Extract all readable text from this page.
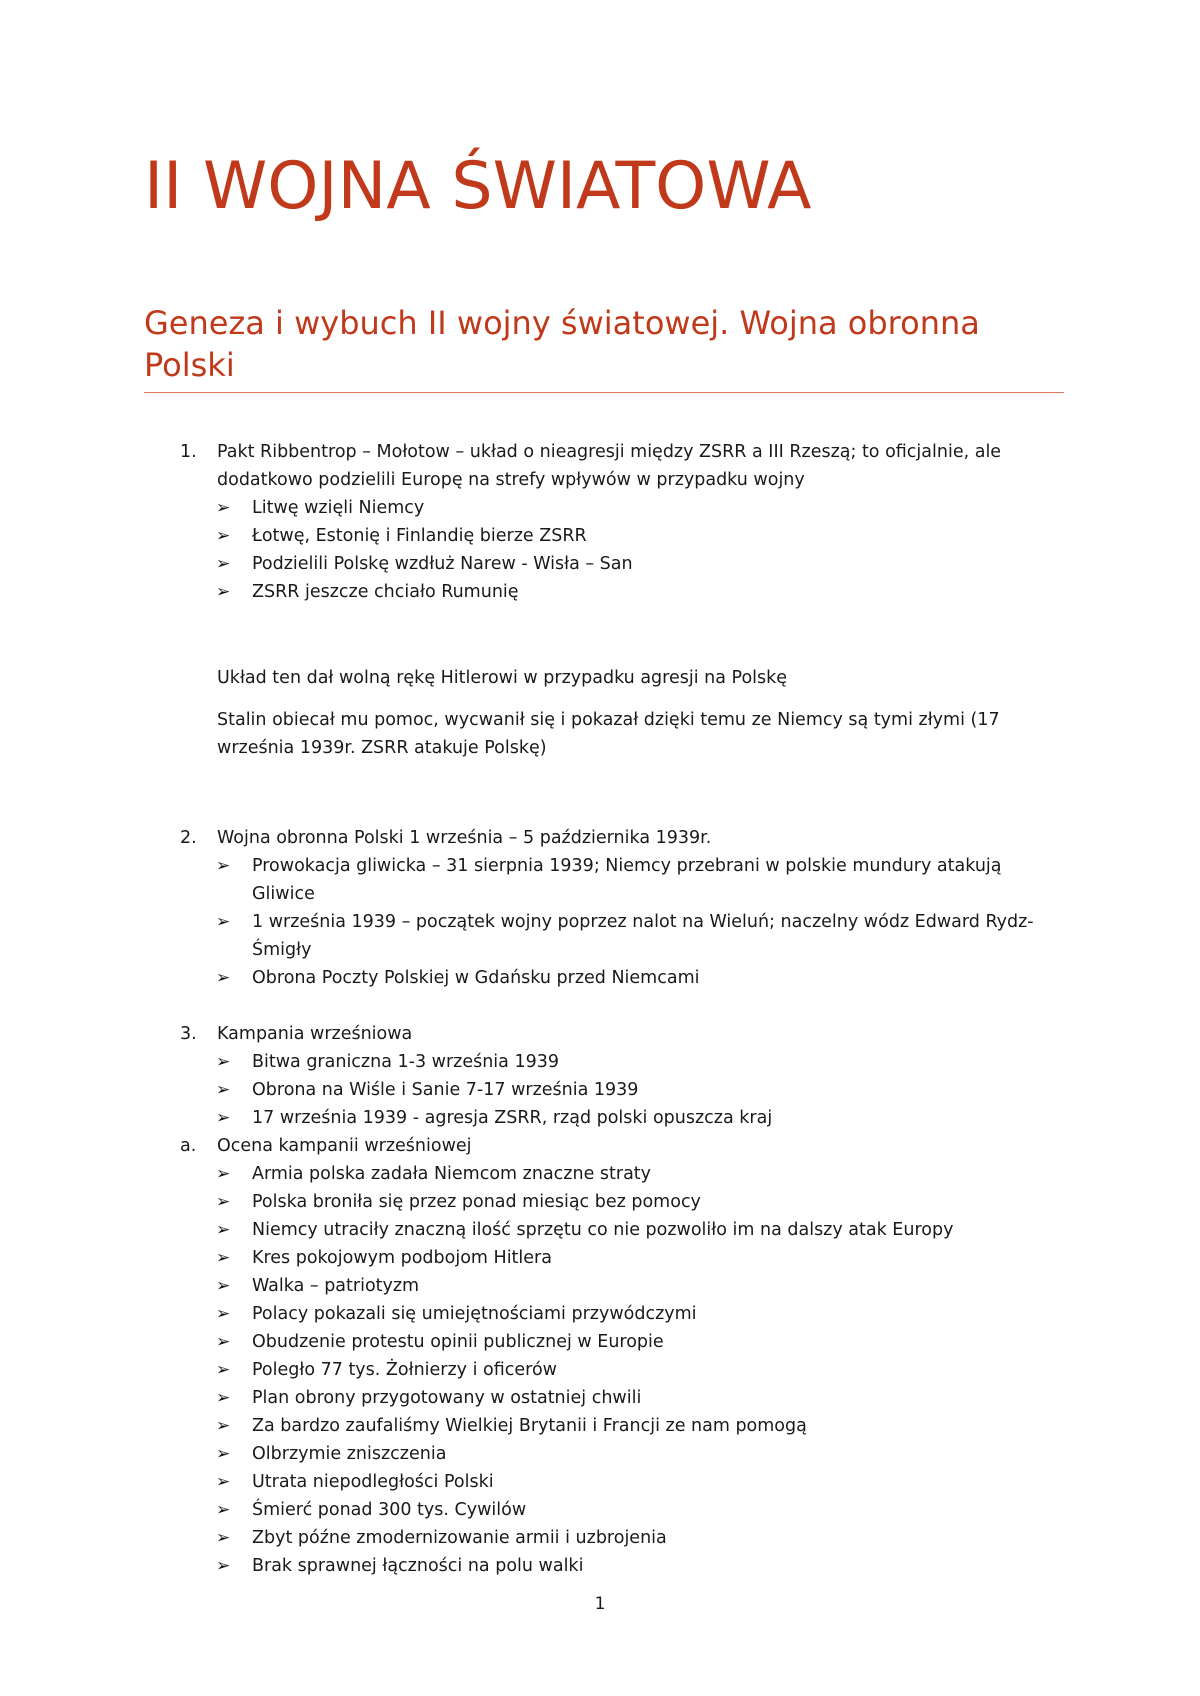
II WOJNA ŚWIATOWA
Geneza i wybuch II wojny światowej. Wojna obronna Polski
1. Pakt Ribbentrop – Mołotow – układ o nieagresji między ZSRR a III Rzeszą; to oficjalnie, ale dodatkowo podzielili Europę na strefy wpływów w przypadku wojny
➢ Litwę wzięli Niemcy
➢ Łotwę, Estonię i Finlandię bierze ZSRR
➢ Podzielili Polskę wzdłuż Narew - Wisła – San
➢ ZSRR jeszcze chciało Rumunię
Układ ten dał wolną rękę Hitlerowi w przypadku agresji na Polskę
Stalin obiecał mu pomoc, wycwanił się i pokazał dzięki temu ze Niemcy są tymi złymi (17 września 1939r. ZSRR atakuje Polskę)
2. Wojna obronna Polski 1 września – 5 października 1939r.
➢ Prowokacja gliwicka – 31 sierpnia 1939; Niemcy przebrani w polskie mundury atakują Gliwice
➢ 1 września 1939 – początek wojny poprzez nalot na Wieluń; naczelny wódz Edward Rydz-Śmigły
➢ Obrona Poczty Polskiej w Gdańsku przed Niemcami
3. Kampania wrześniowa
➢ Bitwa graniczna 1-3 września 1939
➢ Obrona na Wiśle i Sanie 7-17 września 1939
➢ 17 września 1939 - agresja ZSRR, rząd polski opuszcza kraj
a. Ocena kampanii wrześniowej
➢ Armia polska zadała Niemcom znaczne straty
➢ Polska broniła się przez ponad miesiąc bez pomocy
➢ Niemcy utraciły znaczną ilość sprzętu co nie pozwoliło im na dalszy atak Europy
➢ Kres pokojowym podbojom Hitlera
➢ Walka – patriotyzm
➢ Polacy pokazali się umiejętnościami przywódczymi
➢ Obudzenie protestu opinii publicznej w Europie
➢ Poległo 77 tys. Żołnierzy i oficerów
➢ Plan obrony przygotowany w ostatniej chwili
➢ Za bardzo zaufaliśmy Wielkiej Brytanii i Francji ze nam pomogą
➢ Olbrzymie zniszczenia
➢ Utrata niepodległości Polski
➢ Śmierć ponad 300 tys. Cywilów
➢ Zbyt późne zmodernizowanie armii i uzbrojenia
➢ Brak sprawnej łączności na polu walki
1
